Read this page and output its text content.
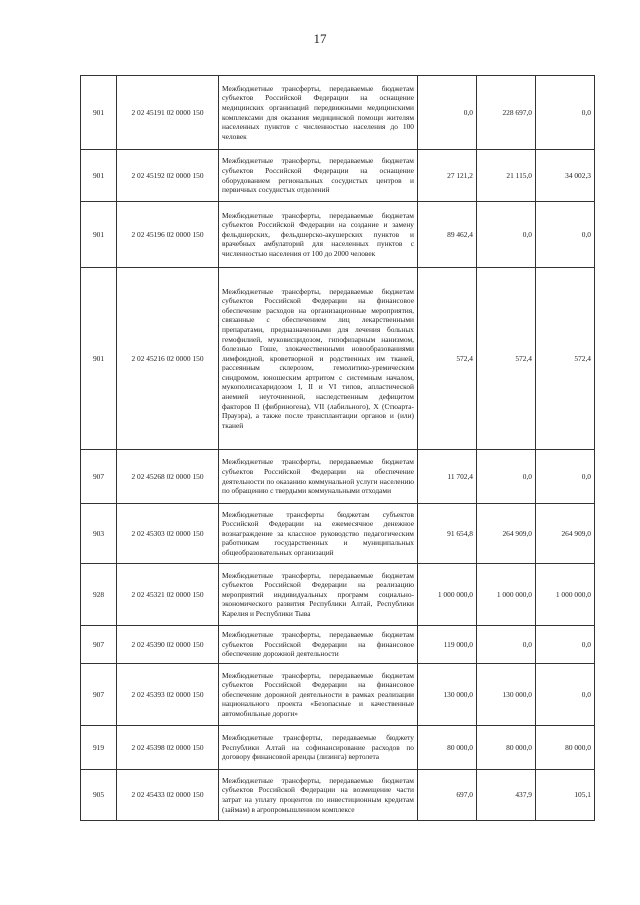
17
901	2 02 45191 02 0000 150	Межбюджетные трансферты, передаваемые бюджетам субъектов Российской Федерации на оснащение медицинских организаций передвижными медицинскими комплексами для оказания медицинской помощи жителям населенных пунктов с численностью населения до 100 человек	0,0	228 697,0	0,0
901	2 02 45192 02 0000 150	Межбюджетные трансферты, передаваемые бюджетам субъектов Российской Федерации на оснащение оборудованием региональных сосудистых центров и первичных сосудистых отделений	27 121,2	21 115,0	34 002,3
901	2 02 45196 02 0000 150	Межбюджетные трансферты, передаваемые бюджетам субъектов Российской Федерации на создание и замену фельдшерских, фельдшерско-акушерских пунктов и врачебных амбулаторий для населенных пунктов с численностью населения от 100 до 2000 человек	89 462,4	0,0	0,0
901	2 02 45216 02 0000 150	Межбюджетные трансферты, передаваемые бюджетам субъектов Российской Федерации на финансовое обеспечение расходов на организационные мероприятия, связанные с обеспечением лиц лекарственными препаратами, предназначенными для лечения больных гемофилией, муковисцидозом, гипофизарным нанизмом, болезнью Гоше, злокачественными новообразованиями лимфоидной, кроветворной и родственных им тканей, рассеянным склерозом, гемолитико-уремическим синдромом, юношеским артритом с системным началом, мукополисахаридозом I, II и VI типов, апластической анемией неуточненной, наследственным дефицитом факторов II (фибриногена), VII (лабильного), X (Стюарта-Прауэра), а также после трансплантации органов и (или) тканей	572,4	572,4	572,4
907	2 02 45268 02 0000 150	Межбюджетные трансферты, передаваемые бюджетам субъектов Российской Федерации на обеспечение деятельности по оказанию коммунальной услуги населению по обращению с твердыми коммунальными отходами	11 702,4	0,0	0,0
903	2 02 45303 02 0000 150	Межбюджетные трансферты бюджетам субъектов Российской Федерации на ежемесячное денежное вознаграждение за классное руководство педагогическим работникам государственных и муниципальных общеобразовательных организаций	91 654,8	264 909,0	264 909,0
928	2 02 45321 02 0000 150	Межбюджетные трансферты, передаваемые бюджетам субъектов Российской Федерации на реализацию мероприятий индивидуальных программ социально-экономического развития Республики Алтай, Республики Карелия и Республики Тыва	1 000 000,0	1 000 000,0	1 000 000,0
907	2 02 45390 02 0000 150	Межбюджетные трансферты, передаваемые бюджетам субъектов Российской Федерации на финансовое обеспечение дорожной деятельности	119 000,0	0,0	0,0
907	2 02 45393 02 0000 150	Межбюджетные трансферты, передаваемые бюджетам субъектов Российской Федерации на финансовое обеспечение дорожной деятельности в рамках реализации национального проекта «Безопасные и качественные автомобильные дороги»	130 000,0	130 000,0	0,0
919	2 02 45398 02 0000 150	Межбюджетные трансферты, передаваемые бюджету Республики Алтай на софинансирование расходов по договору финансовой аренды (лизинга) вертолета	80 000,0	80 000,0	80 000,0
905	2 02 45433 02 0000 150	Межбюджетные трансферты, передаваемые бюджетам субъектов Российской Федерации на возмещение части затрат на уплату процентов по инвестиционным кредитам (займам) в агропромышленном комплексе	697,0	437,9	105,1
